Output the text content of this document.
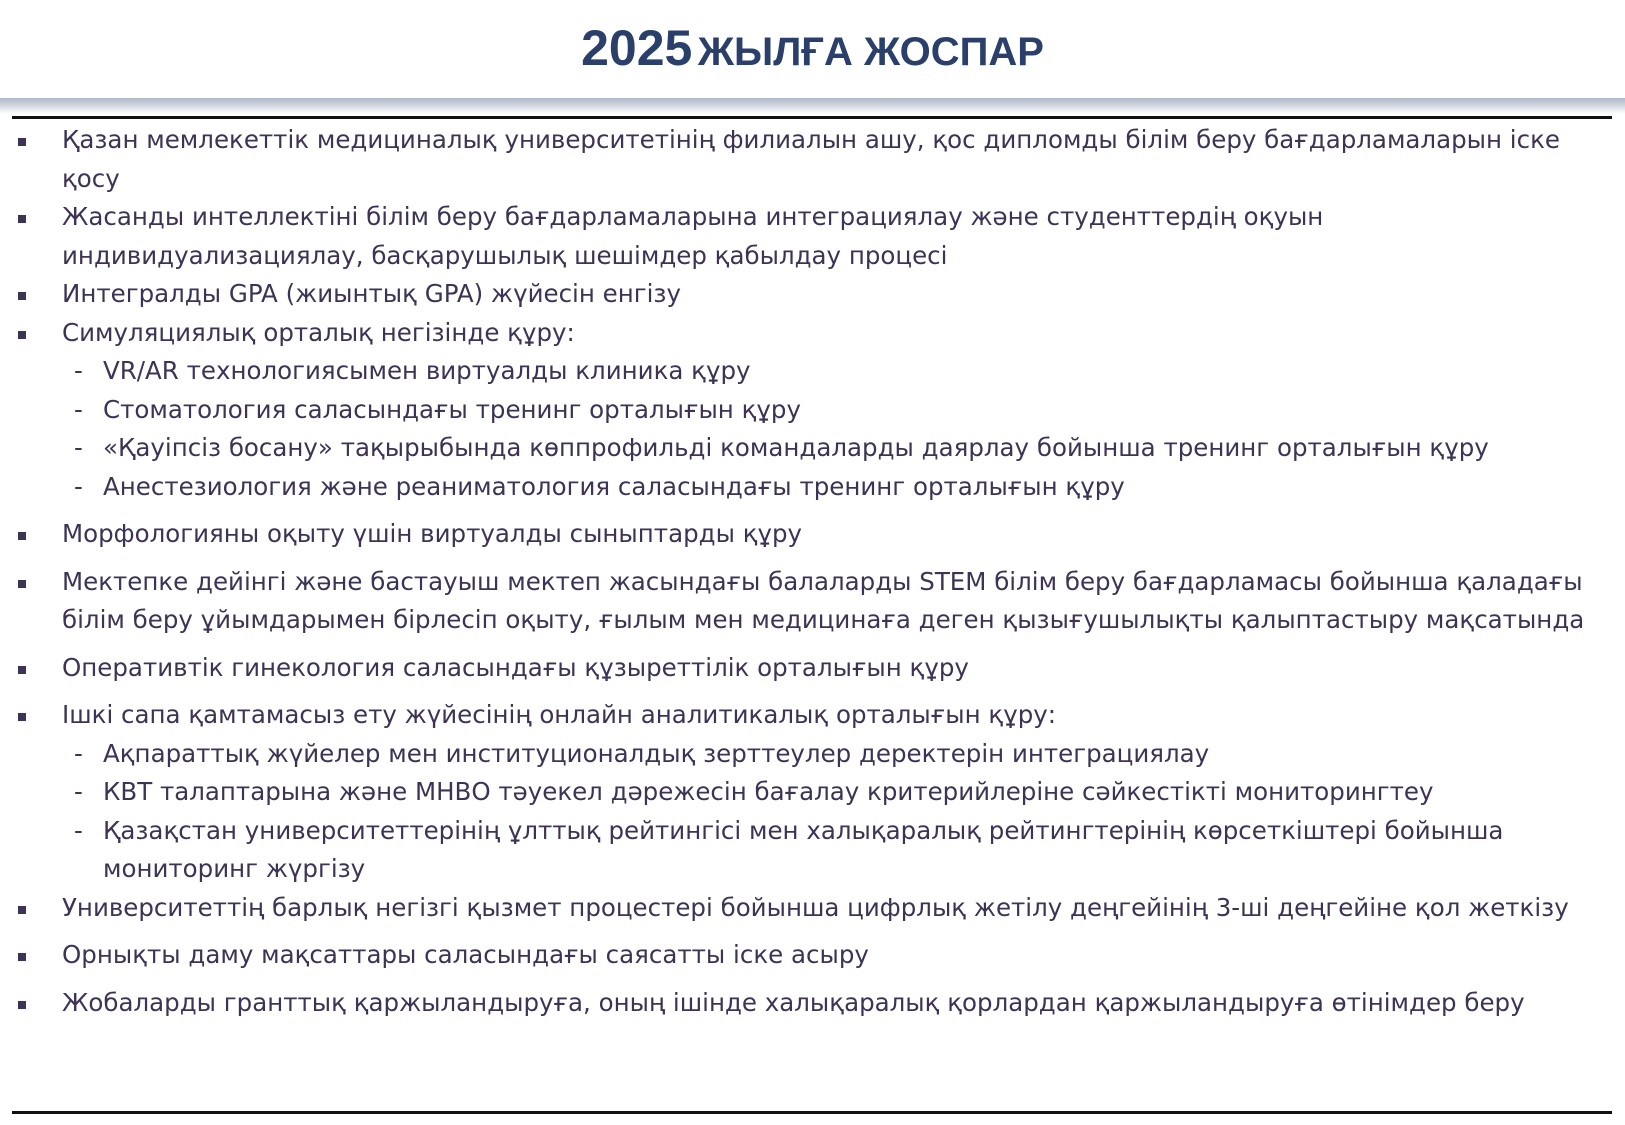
2025 ЖЫЛҒА ЖОСПАР
Қазан мемлекеттік медициналық университетінің филиалын ашу, қос дипломды білім беру бағдарламаларын іске қосу
Жасанды интеллектіні білім беру бағдарламаларына интеграциялау және студенттердің оқуын индивидуализациялау, басқарушылық шешімдер қабылдау процесі
Интегралды GPA (жиынтық GPA) жүйесін енгізу
Симуляциялық орталық негізінде құру:
- VR/AR технологиясымен виртуалды клиника құру
- Стоматология саласындағы тренинг орталығын құру
- «Қауіпсіз босану» тақырыбында көппрофильді командаларды даярлау бойынша тренинг орталығын құру
- Анестезиология және реаниматология саласындағы тренинг орталығын құру
Морфологияны оқыту үшін виртуалды сыныптарды құру
Мектепке дейінгі және бастауыш мектеп жасындағы балаларды STEM білім беру бағдарламасы бойынша қаладағы білім беру ұйымдарымен бірлесіп оқыту, ғылым мен медицинаға деген қызығушылықты қалыптастыру мақсатында
Оперативтік гинекология саласындағы құзыреттілік орталығын құру
Ішкі сапа қамтамасыз ету жүйесінің онлайн аналитикалық орталығын құру:
- Ақпараттық жүйелер мен институционалдық зерттеулер деректерін интеграциялау
- КВТ талаптарына және МНВО тәуекел дәрежесін бағалау критерийлеріне сәйкестікті мониторингтеу
- Қазақстан университеттерінің ұлттық рейтингісі мен халықаралық рейтингтерінің көрсеткіштері бойынша мониторинг жүргізу
Университеттің барлық негізгі қызмет процестері бойынша цифрлық жетілу деңгейінің 3-ші деңгейіне қол жеткізу
Орнықты даму мақсаттары саласындағы саясатты іске асыру
Жобаларды гранттық қаржыландыруға, оның ішінде халықаралық қорлардан қаржыландыруға өтінімдер беру
